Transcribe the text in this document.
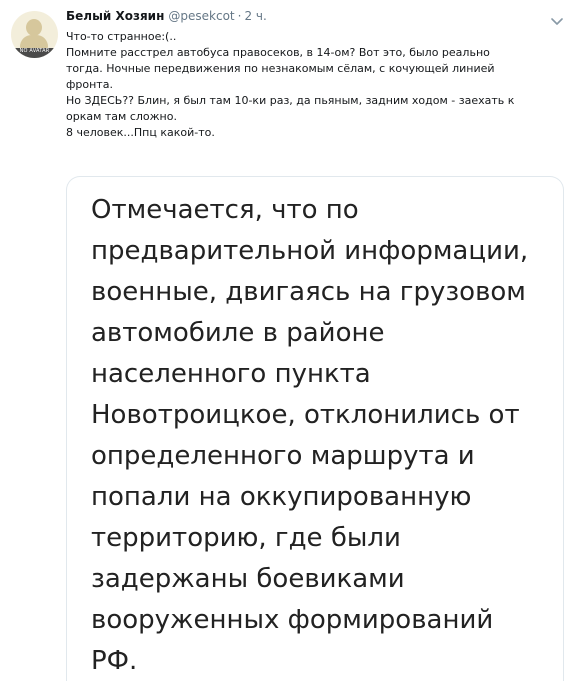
NO AVATAR
Белый Хозяин @pesekcot · 2 ч.
Что-то странное:(..
Помните расстрел автобуса правосеков, в 14-ом? Вот это, было реально
тогда. Ночные передвижения по незнакомым сёлам, с кочующей линией
фронта.
Но ЗДЕСЬ?? Блин, я был там 10-ки раз, да пьяным, задним ходом - заехать к
оркам там сложно.
8 человек...Ппц какой-то.
Отмечается, что по
предварительной информации,
военные, двигаясь на грузовом
автомобиле в районе
населенного пункта
Новотроицкое, отклонились от
определенного маршрута и
попали на оккупированную
территорию, где были
задержаны боевиками
вооруженных формирований
РФ.
